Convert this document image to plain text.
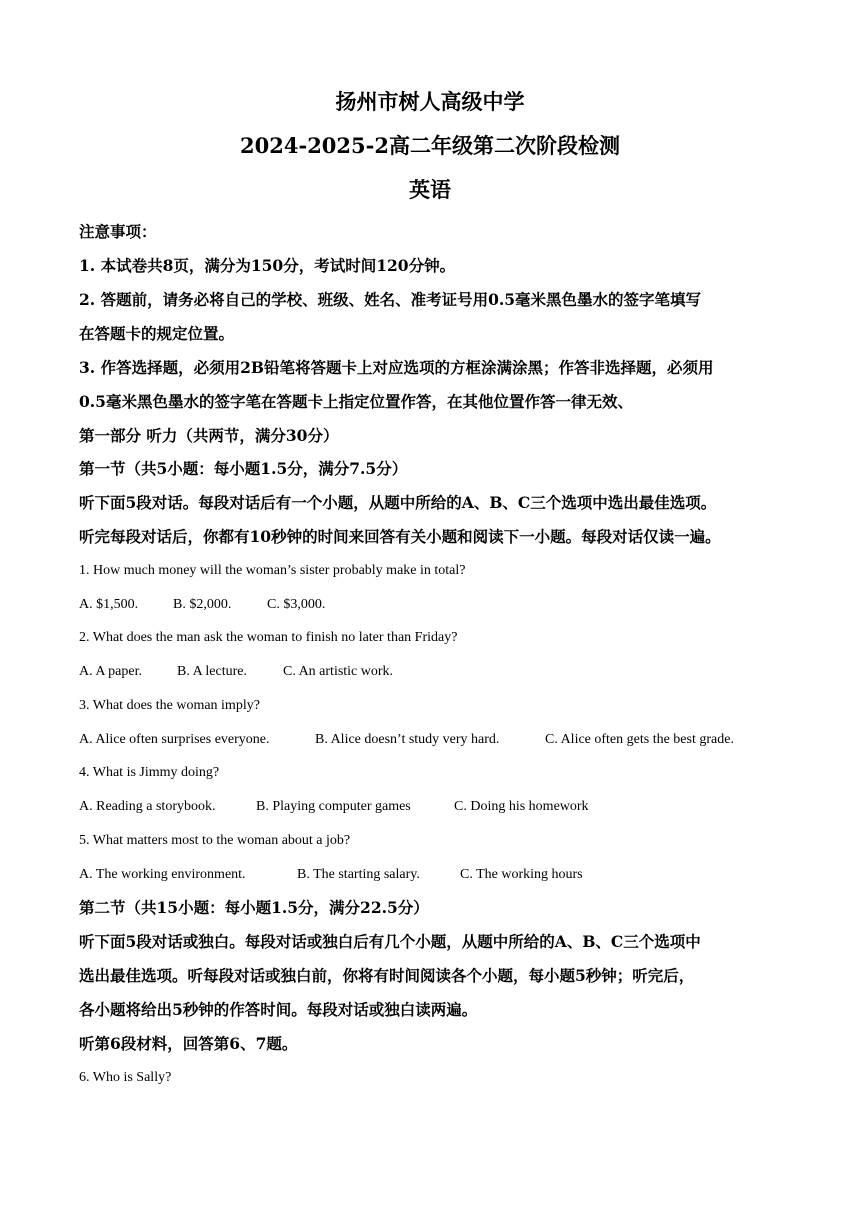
扬州市树人高级中学
2024-2025-2高二年级第二次阶段检测
英语
注意事项：
1. 本试卷共8页，满分为150分，考试时间120分钟。
2. 答题前，请务必将自己的学校、班级、姓名、准考证号用0.5毫米黑色墨水的签字笔填写
在答题卡的规定位置。
3. 作答选择题，必须用2B铅笔将答题卡上对应选项的方框涂满涂黑；作答非选择题，必须用
0.5毫米黑色墨水的签字笔在答题卡上指定位置作答，在其他位置作答一律无效、
第一部分 听力（共两节，满分30分）
第一节（共5小题：每小题1.5分，满分7.5分）
听下面5段对话。每段对话后有一个小题，从题中所给的A、B、C三个选项中选出最佳选项。
听完每段对话后，你都有10秒钟的时间来回答有关小题和阅读下一小题。每段对话仅读一遍。
1. How much money will the woman’s sister probably make in total?
A. $1,500. B. $2,000.	C. $3,000.
2. What does the man ask the woman to finish no later than Friday?
A. A paper.	B. A lecture.	C. An artistic work.
3. What does the woman imply?
A. Alice often surprises everyone.	B. Alice doesn’t study very hard.	C. Alice often gets the best grade.
4. What is Jimmy doing?
A. Reading a storybook.	B. Playing computer games	C. Doing his homework
5. What matters most to the woman about a job?
A. The working environment.	B. The starting salary.	C. The working hours
第二节（共15小题：每小题1.5分，满分22.5分）
听下面5段对话或独白。每段对话或独白后有几个小题，从题中所给的A、B、C三个选项中
选出最佳选项。听每段对话或独白前，你将有时间阅读各个小题，每小题5秒钟；听完后，
各小题将给出5秒钟的作答时间。每段对话或独白读两遍。
听第6段材料，回答第6、7题。
6. Who is Sally?
